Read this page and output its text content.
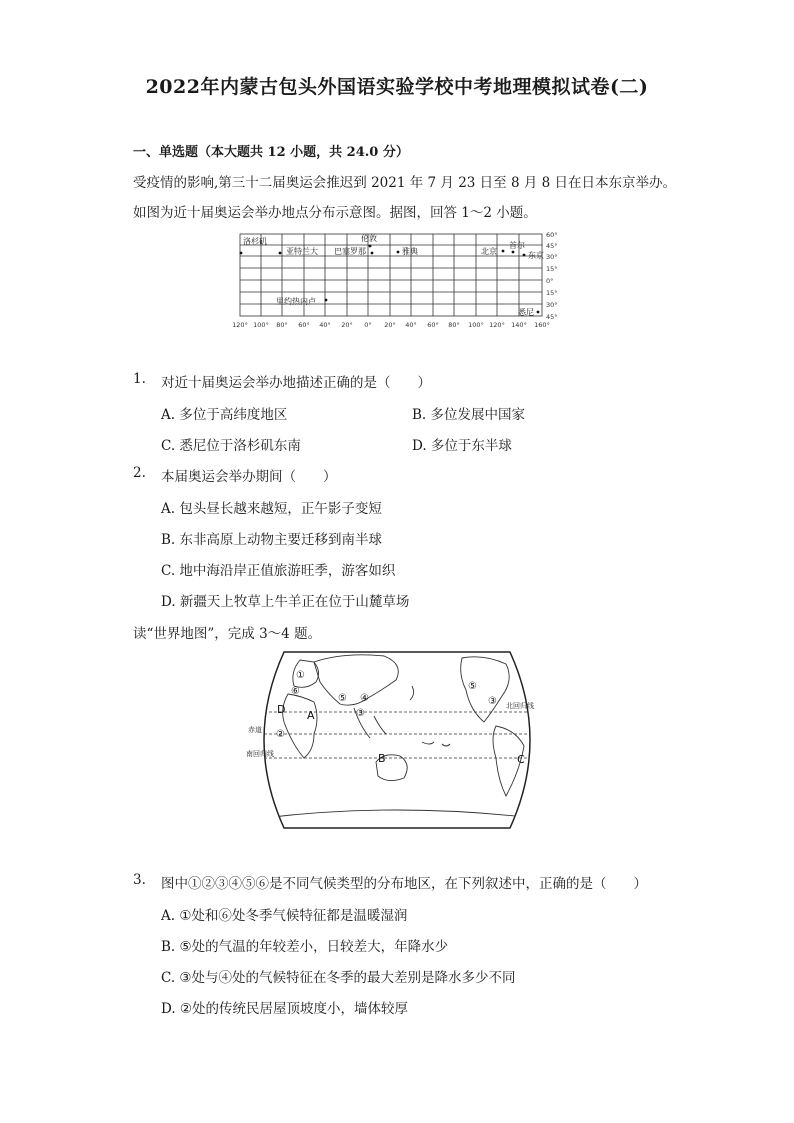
2022年内蒙古包头外国语实验学校中考地理模拟试卷(二)
一、单选题（本大题共 12 小题，共 24.0 分）
受疫情的影响,第三十二届奥运会推迟到 2021 年 7 月 23 日至 8 月 8 日在日本东京举办。
如图为近十届奥运会举办地点分布示意图。据图，回答 1～2 小题。
洛杉矶
亚特兰大
伦敦
巴塞罗那	雅典	北京
首尔
东京
里约热内卢
悉尼
60°
45°
30°
15°
0°
15°
30°
45°
120° 100° 80° 60° 40° 20° 0° 20° 40° 60° 80° 100° 120° 140° 160°
1. 对近十届奥运会举办地描述正确的是（　　）
A. 多位于高纬度地区	B. 多位发展中国家
C. 悉尼位于洛杉矶东南	D. 多位于东半球
2. 本届奥运会举办期间（　　）
A. 包头昼长越来越短，正午影子变短
B. 东非高原上动物主要迁移到南半球
C. 地中海沿岸正值旅游旺季，游客如织
D. 新疆天上牧草上牛羊正在位于山麓草场
读“世界地图”，完成 3～4 题。
北回归线
赤道
南回归线
A
B	C
D
①
②
③
③
④
⑤
⑤
⑥
3. 图中①②③④⑤⑥是不同气候类型的分布地区，在下列叙述中，正确的是（　　）
A. ①处和⑥处冬季气候特征都是温暖湿润
B. ⑤处的气温的年较差小，日较差大，年降水少
C. ③处与④处的气候特征在冬季的最大差别是降水多少不同
D. ②处的传统民居屋顶坡度小，墙体较厚
